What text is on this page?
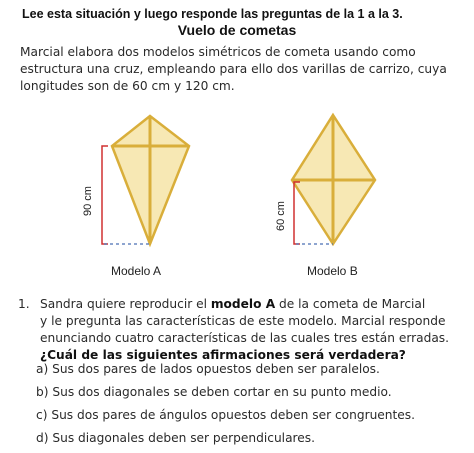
Lee esta situación y luego responde las preguntas de la 1 a la 3.
Vuelo de cometas
Marcial elabora dos modelos simétricos de cometa usando como
estructura una cruz, empleando para ello dos varillas de carrizo, cuya
longitudes son de 60 cm y 120 cm.
90 cm
60 cm
Modelo A	Modelo B
1. Sandra quiere reproducir el modelo A de la cometa de Marcial
y le pregunta las características de este modelo. Marcial responde
enunciando cuatro características de las cuales tres están erradas.
¿Cuál de las siguientes afirmaciones será verdadera?
a) Sus dos pares de lados opuestos deben ser paralelos.
b) Sus dos diagonales se deben cortar en su punto medio.
c) Sus dos pares de ángulos opuestos deben ser congruentes.
d) Sus diagonales deben ser perpendiculares.
